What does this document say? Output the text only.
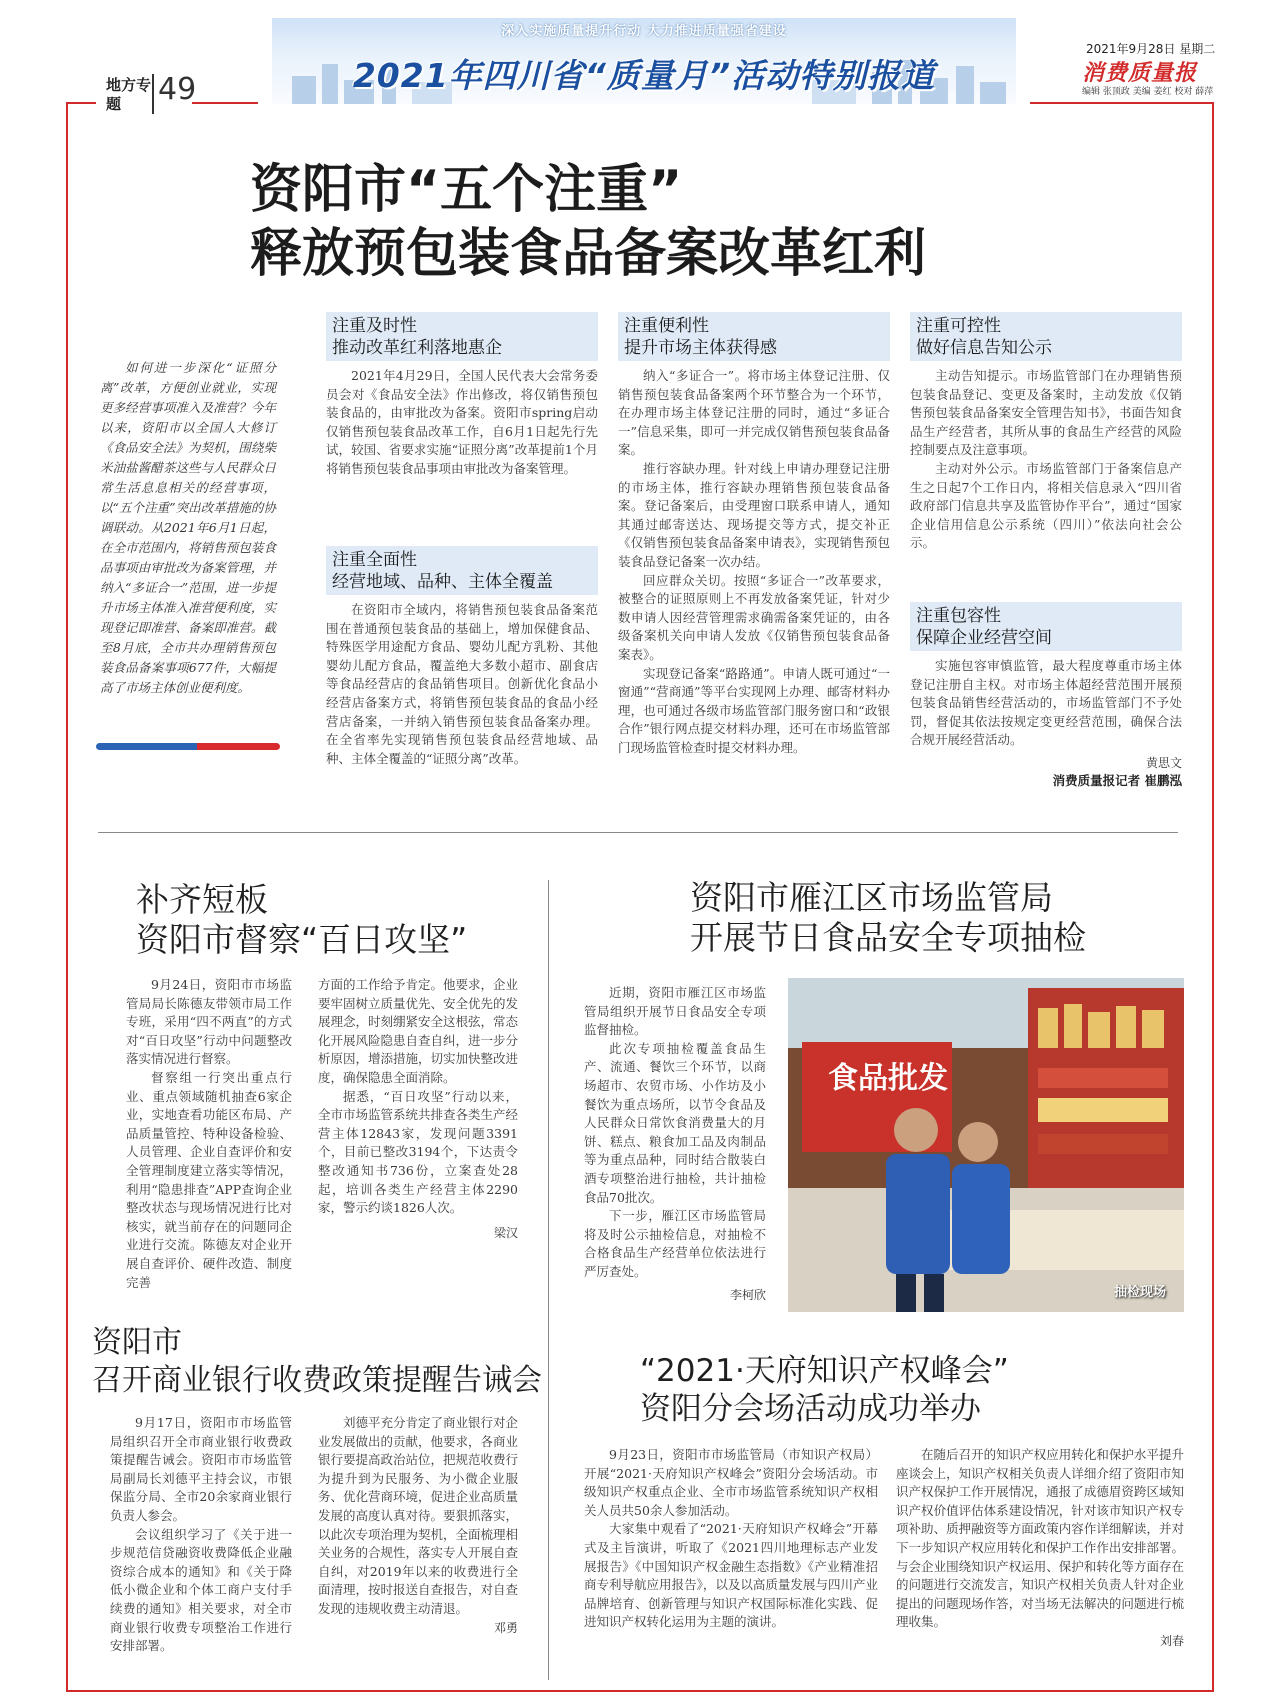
地方专题	49
深入实施质量提升行动 大力推进质量强省建设
2021年四川省“质量月”活动特别报道
2021年9月28日 星期二
消费质量报
编辑 张顶政 美编 姜红 校对 薛萍
资阳市“五个注重”
释放预包装食品备案改革红利

如何进一步深化“证照分离”改革，方便创业就业，实现更多经营事项准入及准营？今年以来，资阳市以全国人大修订《食品安全法》为契机，围绕柴米油盐酱醋茶这些与人民群众日常生活息息相关的经营事项，以“五个注重”突出改革措施的协调联动。从2021年6月1日起，在全市范围内，将销售预包装食品事项由审批改为备案管理，并纳入“多证合一”范围，进一步提升市场主体准入准营便利度，实现登记即准营、备案即准营。截至8月底，全市共办理销售预包装食品备案事项677件，大幅提高了市场主体创业便利度。

注重及时性
推动改革红利落地惠企

2021年4月29日，全国人民代表大会常务委员会对《食品安全法》作出修改，将仅销售预包装食品的，由审批改为备案。资阳市spring启动仅销售预包装食品改革工作，自6月1日起先行先试，较国、省要求实施“证照分离”改革提前1个月将销售预包装食品事项由审批改为备案管理。

注重全面性
经营地域、品种、主体全覆盖

在资阳市全域内，将销售预包装食品备案范围在普通预包装食品的基础上，增加保健食品、特殊医学用途配方食品、婴幼儿配方乳粉、其他婴幼儿配方食品，覆盖绝大多数小超市、副食店等食品经营店的食品销售项目。创新优化食品小经营店备案方式，将销售预包装食品的食品小经营店备案，一并纳入销售预包装食品备案办理。在全省率先实现销售预包装食品经营地域、品种、主体全覆盖的“证照分离”改革。

注重便利性
提升市场主体获得感

纳入“多证合一”。将市场主体登记注册、仅销售预包装食品备案两个环节整合为一个环节，在办理市场主体登记注册的同时，通过“多证合一”信息采集，即可一并完成仅销售预包装食品备案。

推行容缺办理。针对线上申请办理登记注册的市场主体，推行容缺办理销售预包装食品备案。登记备案后，由受理窗口联系申请人，通知其通过邮寄送达、现场提交等方式，提交补正《仅销售预包装食品备案申请表》，实现销售预包装食品登记备案一次办结。

回应群众关切。按照“多证合一”改革要求，被整合的证照原则上不再发放备案凭证，针对少数申请人因经营管理需求确需备案凭证的，由各级备案机关向申请人发放《仅销售预包装食品备案表》。

实现登记备案“路路通”。申请人既可通过“一窗通”“营商通”等平台实现网上办理、邮寄材料办理，也可通过各级市场监管部门服务窗口和“政银合作”银行网点提交材料办理，还可在市场监管部门现场监管检查时提交材料办理。

注重可控性
做好信息告知公示

主动告知提示。市场监管部门在办理销售预包装食品登记、变更及备案时，主动发放《仅销售预包装食品备案安全管理告知书》，书面告知食品生产经营者，其所从事的食品生产经营的风险控制要点及注意事项。

主动对外公示。市场监管部门于备案信息产生之日起7个工作日内，将相关信息录入“四川省政府部门信息共享及监管协作平台”，通过“国家企业信用信息公示系统（四川）”依法向社会公示。

注重包容性
保障企业经营空间

实施包容审慎监管，最大程度尊重市场主体登记注册自主权。对市场主体超经营范围开展预包装食品销售经营活动的，市场监管部门不予处罚，督促其依法按规定变更经营范围，确保合法合规开展经营活动。

黄思文
消费质量报记者 崔鹏泓
补齐短板
资阳市督察“百日攻坚”

9月24日，资阳市市场监管局局长陈德友带领市局工作专班，采用“四不两直”的方式对“百日攻坚”行动中问题整改落实情况进行督察。

督察组一行突出重点行业、重点领域随机抽查6家企业，实地查看功能区布局、产品质量管控、特种设备检验、人员管理、企业自查评价和安全管理制度建立落实等情况，利用“隐患排查”APP查询企业整改状态与现场情况进行比对核实，就当前存在的问题同企业进行交流。陈德友对企业开展自查评价、硬件改造、制度完善

方面的工作给予肯定。他要求，企业要牢固树立质量优先、安全优先的发展理念，时刻绷紧安全这根弦，常态化开展风险隐患自查自纠，进一步分析原因，增添措施，切实加快整改进度，确保隐患全面消除。

据悉，“百日攻坚”行动以来，全市市场监管系统共排查各类生产经营主体12843家，发现问题3391个，目前已整改3194个，下达责令整改通知书736份，立案查处28起，培训各类生产经营主体2290家，警示约谈1826人次。

梁汉
资阳市雁江区市场监管局
开展节日食品安全专项抽检

近期，资阳市雁江区市场监管局组织开展节日食品安全专项监督抽检。

此次专项抽检覆盖食品生产、流通、餐饮三个环节，以商场超市、农贸市场、小作坊及小餐饮为重点场所，以节令食品及人民群众日常饮食消费量大的月饼、糕点、粮食加工品及肉制品等为重点品种，同时结合散装白酒专项整治进行抽检，共计抽检食品70批次。

下一步，雁江区市场监管局将及时公示抽检信息，对抽检不合格食品生产经营单位依法进行严厉查处。

李柯欣
食品批发
抽检现场
资阳市
召开商业银行收费政策提醒告诫会

9月17日，资阳市市场监管局组织召开全市商业银行收费政策提醒告诫会。资阳市市场监管局副局长刘德平主持会议，市银保监分局、全市20余家商业银行负责人参会。

会议组织学习了《关于进一步规范信贷融资收费降低企业融资综合成本的通知》和《关于降低小微企业和个体工商户支付手续费的通知》相关要求，对全市商业银行收费专项整治工作进行安排部署。

刘德平充分肯定了商业银行对企业发展做出的贡献，他要求，各商业银行要提高政治站位，把规范收费行为提升到为民服务、为小微企业服务、优化营商环境，促进企业高质量发展的高度认真对待。要狠抓落实，以此次专项治理为契机，全面梳理相关业务的合规性，落实专人开展自查自纠，对2019年以来的收费进行全面清理，按时报送自查报告，对自查发现的违规收费主动清退。

邓勇
“2021·天府知识产权峰会”
资阳分会场活动成功举办

9月23日，资阳市市场监管局（市知识产权局）开展“2021·天府知识产权峰会”资阳分会场活动。市级知识产权重点企业、全市市场监管系统知识产权相关人员共50余人参加活动。

大家集中观看了“2021·天府知识产权峰会”开幕式及主旨演讲，听取了《2021四川地理标志产业发展报告》《中国知识产权金融生态指数》《产业精准招商专利导航应用报告》，以及以高质量发展与四川产业品牌培育、创新管理与知识产权国际标准化实践、促进知识产权转化运用为主题的演讲。

在随后召开的知识产权应用转化和保护水平提升座谈会上，知识产权相关负责人详细介绍了资阳市知识产权保护工作开展情况，通报了成德眉资跨区域知识产权价值评估体系建设情况，针对该市知识产权专项补助、质押融资等方面政策内容作详细解读，并对下一步知识产权应用转化和保护工作作出安排部署。与会企业围绕知识产权运用、保护和转化等方面存在的问题进行交流发言，知识产权相关负责人针对企业提出的问题现场作答，对当场无法解决的问题进行梳理收集。

刘春
